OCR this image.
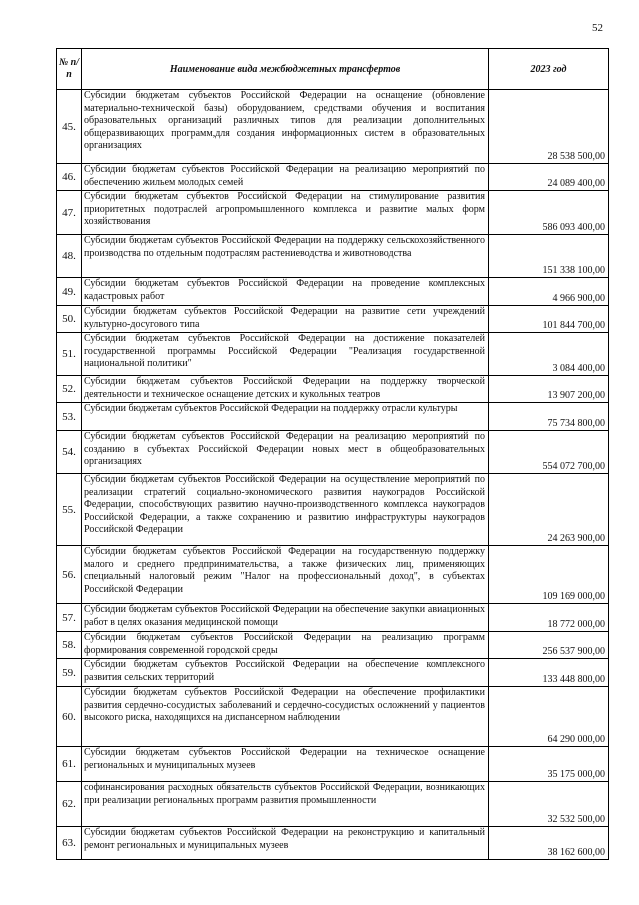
52
№ п/п	Наименование вида межбюджетных трансфертов	2023 год
45.	Субсидии бюджетам субъектов Российской Федерации на оснащение (обновление материально-технической базы) оборудованием, средствами обучения и воспитания образовательных организаций различных типов для реализации дополнительных общеразвивающих программ,для создания информационных систем в образовательных организациях	28 538 500,00
46.	Субсидии бюджетам субъектов Российской Федерации на реализацию мероприятий по обеспечению жильем молодых семей	24 089 400,00
47.	Субсидии бюджетам субъектов Российской Федерации на стимулирование развития приоритетных подотраслей агропромышленного комплекса и развитие малых форм хозяйствования	586 093 400,00
48.	Субсидии бюджетам субъектов Российской Федерации на поддержку сельскохозяйственного производства по отдельным подотраслям растениеводства и животноводства	151 338 100,00
49.	Субсидии бюджетам субъектов Российской Федерации на проведение комплексных кадастровых работ	4 966 900,00
50.	Субсидии бюджетам субъектов Российской Федерации на развитие сети учреждений культурно-досугового типа	101 844 700,00
51.	Субсидии бюджетам субъектов Российской Федерации на достижение показателей государственной программы Российской Федерации "Реализация государственной национальной политики"	3 084 400,00
52.	Субсидии бюджетам субъектов Российской Федерации на поддержку творческой деятельности и техническое оснащение детских и кукольных театров	13 907 200,00
53.	Субсидии бюджетам субъектов Российской Федерации на поддержку отрасли культуры	75 734 800,00
54.	Субсидии бюджетам субъектов Российской Федерации на реализацию мероприятий по созданию в субъектах Российской Федерации новых мест в общеобразовательных организациях	554 072 700,00
55.	Субсидии бюджетам субъектов Российской Федерации на осуществление мероприятий по реализации стратегий социально-экономического развития наукоградов Российской Федерации, способствующих развитию научно-производственного комплекса наукоградов Российской Федерации, а также сохранению и развитию инфраструктуры наукоградов Российской Федерации	24 263 900,00
56.	Субсидии бюджетам субъектов Российской Федерации на государственную поддержку малого и среднего предпринимательства, а также физических лиц, применяющих специальный налоговый режим "Налог на профессиональный доход", в субъектах Российской Федерации	109 169 000,00
57.	Субсидии бюджетам субъектов Российской Федерации на обеспечение закупки авиационных работ в целях оказания медицинской помощи	18 772 000,00
58.	Субсидии бюджетам субъектов Российской Федерации на реализацию программ формирования современной городской среды	256 537 900,00
59.	Субсидии бюджетам субъектов Российской Федерации на обеспечение комплексного развития сельских территорий	133 448 800,00
60.	Субсидии бюджетам субъектов Российской Федерации на обеспечение профилактики развития сердечно-сосудистых заболеваний и сердечно-сосудистых осложнений у пациентов высокого риска, находящихся на диспансерном наблюдении	64 290 000,00
61.	Субсидии бюджетам субъектов Российской Федерации на техническое оснащение региональных и муниципальных музеев	35 175 000,00
62.	софинансирования расходных обязательств субъектов Российской Федерации, возникающих при реализации региональных программ развития промышленности	32 532 500,00
63.	Субсидии бюджетам субъектов Российской Федерации на реконструкцию и капитальный ремонт региональных и муниципальных музеев	38 162 600,00
